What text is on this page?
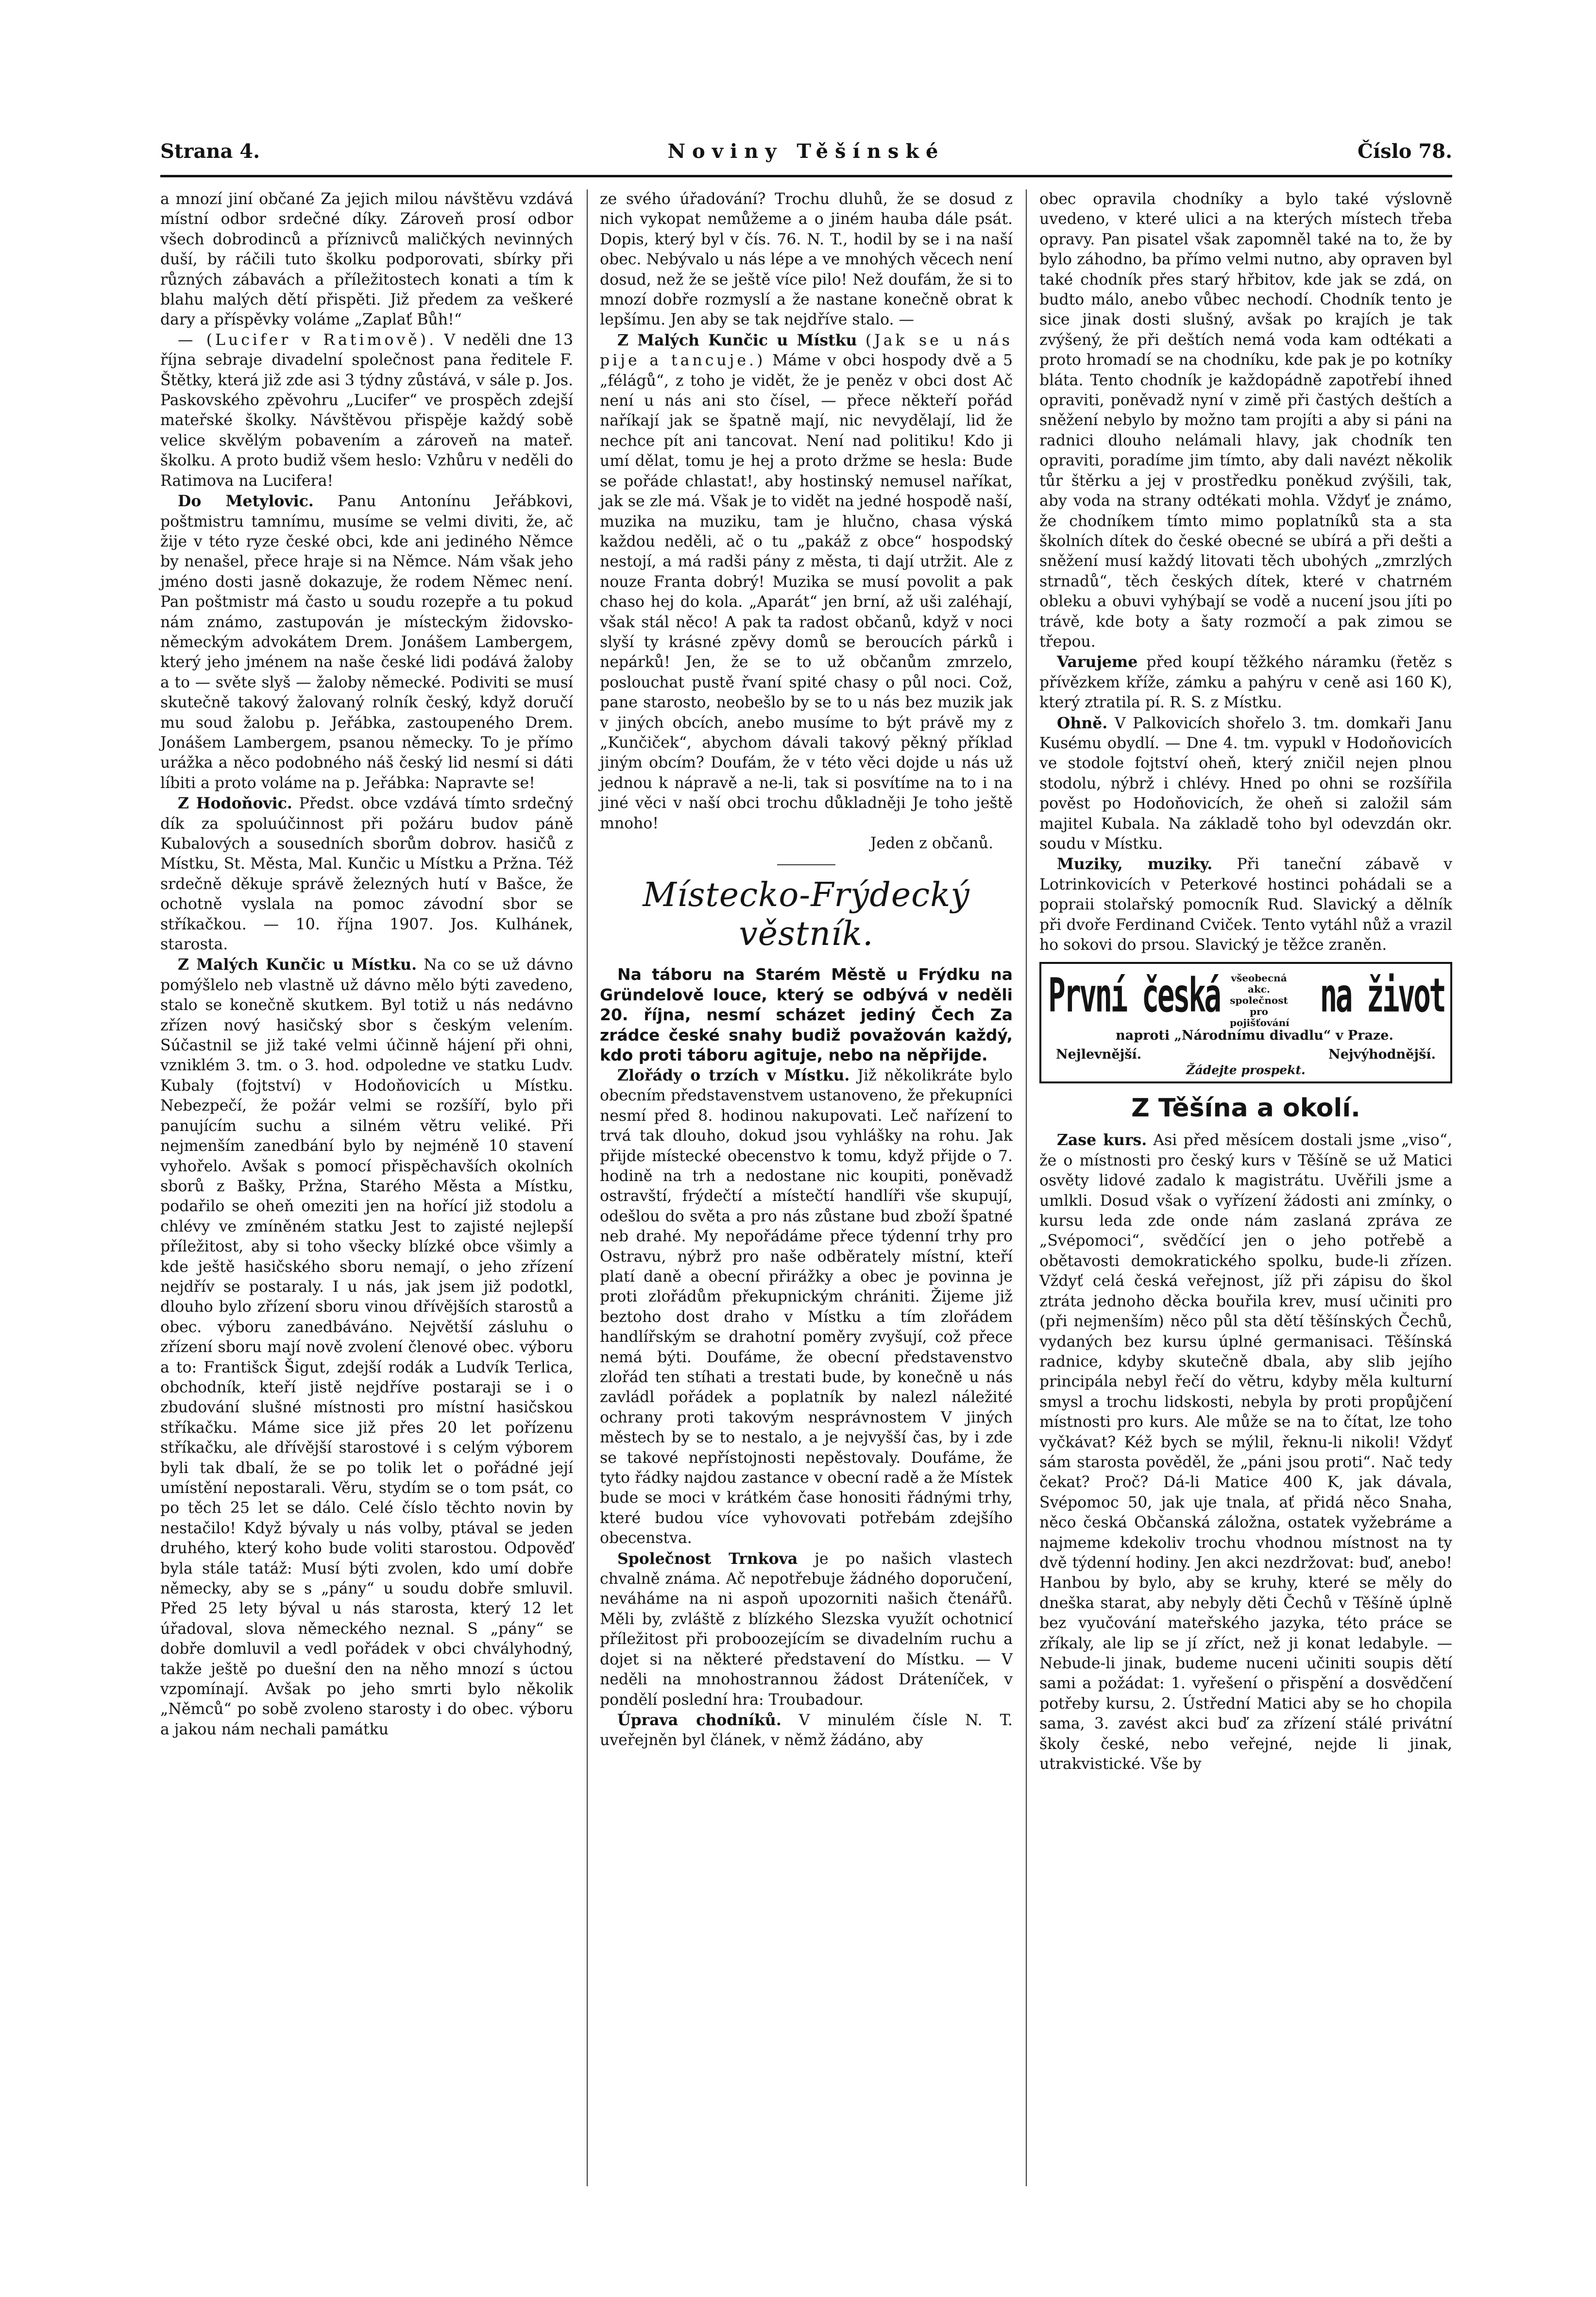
Strana 4.	Noviny Těšínské	Číslo 78.

a mnozí jiní občané Za jejich milou návštěvu vzdává místní odbor srdečné díky. Zároveň prosí odbor všech dobrodinců a příznivců maličkých nevinných duší, by ráčili tuto školku podporovati, sbírky při různých zábavách a příležitostech konati a tím k blahu malých dětí přispěti. Již předem za veškeré dary a příspěvky voláme „Zaplať Bůh!“

— (Lucifer v Ratimově). V neděli dne 13 října sebraje divadelní společnost pana ředitele F. Štětky, která již zde asi 3 týdny zůstává, v sále p. Jos. Paskovského zpěvohru „Lucifer“ ve prospěch zdejší mateřské školky. Návštěvou přispěje každý sobě velice skvělým pobavením a zároveň na mateř. školku. A proto budiž všem heslo: Vzhůru v neděli do Ratimova na Lucifera!

Do Metylovic. Panu Antonínu Jeřábkovi, poštmistru tamnímu, musíme se velmi diviti, že, ač žije v této ryze české obci, kde ani jediného Němce by nenašel, přece hraje si na Němce. Nám však jeho jméno dosti jasně dokazuje, že rodem Němec není. Pan poštmistr má často u soudu rozepře a tu pokud nám známo, zastupován je místeckým židovsko-německým advokátem Drem. Jonášem Lambergem, který jeho jménem na naše české lidi podává žaloby a to — světe slyš — žaloby německé. Podiviti se musí skutečně takový žalovaný rolník český, když doručí mu soud žalobu p. Jeřábka, zastoupeného Drem. Jonášem Lambergem, psanou německy. To je přímo urážka a něco podobného náš český lid nesmí si dáti líbiti a proto voláme na p. Jeřábka: Napravte se!

Z Hodoňovic. Předst. obce vzdává tímto srdečný dík za spoluúčinnost při požáru budov páně Kubalových a sousedních sborům dobrov. hasičů z Místku, St. Města, Mal. Kunčic u Místku a Pržna. Též srdečně děkuje správě železných hutí v Bašce, že ochotně vyslala na pomoc závodní sbor se stříkačkou. — 10. října 1907. Jos. Kulhánek, starosta.

Z Malých Kunčic u Místku. Na co se už dávno pomýšlelo neb vlastně už dávno mělo býti zavedeno, stalo se konečně skutkem. Byl totiž u nás nedávno zřízen nový hasičský sbor s českým velením. Súčastnil se již také velmi účinně hájení při ohni, vzniklém 3. tm. o 3. hod. odpoledne ve statku Ludv. Kubaly (fojtství) v Hodoňovicích u Místku. Nebezpečí, že požár velmi se rozšíří, bylo při panujícím suchu a silném větru veliké. Při nejmenším zanedbání bylo by nejméně 10 stavení vyhořelo. Avšak s pomocí přispěchavších okolních sborů z Bašky, Pržna, Starého Města a Místku, podařilo se oheň omeziti jen na hořící již stodolu a chlévy ve zmíněném statku Jest to zajisté nejlepší příležitost, aby si toho všecky blízké obce všimly a kde ještě hasičského sboru nemají, o jeho zřízení nejdřív se postaraly. I u nás, jak jsem již podotkl, dlouho bylo zřízení sboru vinou dřívějších starostů a obec. výboru zanedbáváno. Největší zásluhu o zřízení sboru mají nově zvolení členové obec. výboru a to: Františck Šigut, zdejší rodák a Ludvík Terlica, obchodník, kteří jistě nejdříve postaraji se i o zbudování slušné místnosti pro místní hasičskou stříkačku. Máme sice již přes 20 let pořízenu stříkačku, ale dřívější starostové i s celým výborem byli tak dbalí, že se po tolik let o pořádné její umístění nepostarali. Věru, stydím se o tom psát, co po těch 25 let se dálo. Celé číslo těchto novin by nestačilo! Když bývaly u nás volby, ptával se jeden druhého, který koho bude voliti starostou. Odpověď byla stále tatáž: Musí býti zvolen, kdo umí dobře německy, aby se s „pány“ u soudu dobře smluvil. Před 25 lety býval u nás starosta, který 12 let úřadoval, slova německého neznal. S „pány“ se dobře domluvil a vedl pořádek v obci chvályhodný, takže ještě po duešní den na něho mnozí s úctou vzpomínají. Avšak po jeho smrti bylo několik „Němců“ po sobě zvoleno starosty i do obec. výboru a jakou nám nechali památku

ze svého úřadování? Trochu dluhů, že se dosud z nich vykopat nemůžeme a o jiném hauba dále psát. Dopis, který byl v čís. 76. N. T., hodil by se i na naší obec. Nebývalo u nás lépe a ve mnohých věcech není dosud, než že se ještě více pilo! Než doufám, že si to mnozí dobře rozmyslí a že nastane konečně obrat k lepšímu. Jen aby se tak nejdříve stalo. —

Z Malých Kunčic u Místku (Jak se u nás pije a tancuje.) Máme v obci hospody dvě a 5 „félágů“, z toho je vidět, že je peněz v obci dost Ač není u nás ani sto čísel, — přece někteří pořád naříkají jak se špatně mají, nic nevydělají, lid že nechce pít ani tancovat. Není nad politiku! Kdo ji umí dělat, tomu je hej a proto držme se hesla: Bude se pořáde chlastat!, aby hostinský nemusel naříkat, jak se zle má. Však je to vidět na jedné hospodě naší, muzika na muziku, tam je hlučno, chasa výská každou neděli, ač o tu „pakáž z obce“ hospodský nestojí, a má radši pány z města, ti dají utržit. Ale z nouze Franta dobrý! Muzika se musí povolit a pak chaso hej do kola. „Aparát“ jen brní, až uši zaléhají, však stál něco! A pak ta radost občanů, když v noci slyší ty krásné zpěvy domů se beroucích párků i nepárků! Jen, že se to už občanům zmrzelo, poslouchat pustě řvaní spité chasy o půl noci. Což, pane starosto, neobešlo by se to u nás bez muzik jak v jiných obcích, anebo musíme to být právě my z „Kunčiček“, abychom dávali takový pěkný příklad jiným obcím? Doufám, že v této věci dojde u nás už jednou k nápravě a ne-li, tak si posvítíme na to i na jiné věci v naší obci trochu důkladněji Je toho ještě mnoho!

Jeden z občanů.

Místecko-Frýdecký věstník.

Na táboru na Starém Městě u Frýdku na Gründelově louce, který se odbývá v neděli 20. října, nesmí scházet jediný Čech Za zrádce české snahy budiž považován každý, kdo proti táboru agituje, nebo na něpřijde.

Zlořády o trzích v Místku. Již několikráte bylo obecním představenstvem ustanoveno, že překupníci nesmí před 8. hodinou nakupovati. Leč nařízení to trvá tak dlouho, dokud jsou vyhlášky na rohu. Jak přijde místecké obecenstvo k tomu, když přijde o 7. hodině na trh a nedostane nic koupiti, poněvadž ostravští, frýdečtí a místečtí handlíři vše skupují, odešlou do světa a pro nás zůstane bud zboží špatné neb drahé. My nepořádáme přece týdenní trhy pro Ostravu, nýbrž pro naše odběrately místní, kteří platí daně a obecní přirážky a obec je povinna je proti zlořádům překupnickým chrániti. Žijeme již beztoho dost draho v Místku a tím zlořádem handlířským se drahotní poměry zvyšují, což přece nemá býti. Doufáme, že obecní představenstvo zlořád ten stíhati a trestati bude, by konečně u nás zavládl pořádek a poplatník by nalezl náležité ochrany proti takovým nesprávnostem V jiných městech by se to nestalo, a je nejvyšší čas, by i zde se takové nepřístojnosti nepěstovaly. Doufáme, že tyto řádky najdou zastance v obecní radě a že Místek bude se moci v krátkém čase honositi řádnými trhy, které budou více vyhovovati potřebám zdejšího obecenstva.

Společnost Trnkova je po našich vlastech chvalně známa. Ač nepotřebuje žádného doporučení, neváháme na ni aspoň upozorniti našich čtenářů. Měli by, zvláště z blízkého Slezska využít ochotnicí příležitost při proboozejícím se divadelním ruchu a dojet si na některé představení do Místku. — V neděli na mnohostrannou žádost Dráteníček, v pondělí poslední hra: Troubadour.

Úprava chodníků. V minulém čísle N. T. uveřejněn byl článek, v němž žádáno, aby

obec opravila chodníky a bylo také výslovně uvedeno, v které ulici a na kterých místech třeba opravy. Pan pisatel však zapomněl také na to, že by bylo záhodno, ba přímo velmi nutno, aby opraven byl také chodník přes starý hřbitov, kde jak se zdá, on budto málo, anebo vůbec nechodí. Chodník tento je sice jinak dosti slušný, avšak po krajích je tak zvýšený, že při deštích nemá voda kam odtékati a proto hromadí se na chodníku, kde pak je po kotníky bláta. Tento chodník je každopádně zapotřebí ihned opraviti, poněvadž nyní v zimě při častých deštích a sněžení nebylo by možno tam projíti a aby si páni na radnici dlouho nelámali hlavy, jak chodník ten opraviti, poradíme jim tímto, aby dali navézt několik tůr štěrku a jej v prostředku poněkud zvýšili, tak, aby voda na strany odtékati mohla. Vždyť je známo, že chodníkem tímto mimo poplatníků sta a sta školních dítek do české obecné se ubírá a při dešti a sněžení musí každý litovati těch ubohých „zmrzlých strnadů“, těch českých dítek, které v chatrném obleku a obuvi vyhýbají se vodě a nucení jsou jíti po trávě, kde boty a šaty rozmočí a pak zimou se třepou.

Varujeme před koupí těžkého náramku (řetěz s přívězkem kříže, zámku a pahýru v ceně asi 160 K), který ztratila pí. R. S. z Místku.

Ohně. V Palkovicích shořelo 3. tm. domkaři Janu Kusému obydlí. — Dne 4. tm. vypukl v Hodoňovicích ve stodole fojtství oheň, který zničil nejen plnou stodolu, nýbrž i chlévy. Hned po ohni se rozšířila pověst po Hodoňovicích, že oheň si založil sám majitel Kubala. Na základě toho byl odevzdán okr. soudu v Místku.

Muziky, muziky. Při taneční zábavě v Lotrinkovicích v Peterkové hostinci pohádali se a popraii stolařský pomocník Rud. Slavický a dělník při dvoře Ferdinand Cviček. Tento vytáhl nůž a vrazil ho sokovi do prsou. Slavický je těžce zraněn.

První česká všeobecná akc. společnost pro pojišťování na život

naproti „Národnímu divadlu“ v Praze.

Nejlevnější.	Nejvýhodnější.
Žádejte prospekt.
Z Těšína a okolí.

Zase kurs. Asi před měsícem dostali jsme „viso“, že o místnosti pro český kurs v Těšíně se už Matici osvěty lidové zadalo k magistrátu. Uvěřili jsme a umlkli. Dosud však o vyřízení žádosti ani zmínky, o kursu leda zde onde nám zaslaná zpráva ze „Svépomoci“, svědčící jen o jeho potřebě a obětavosti demokratického spolku, bude-li zřízen. Vždyť celá česká veřejnost, jíž při zápisu do škol ztráta jednoho děcka bouřila krev, musí učiniti pro (při nejmenším) něco půl sta dětí těšínských Čechů, vydaných bez kursu úplné germanisaci. Těšínská radnice, kdyby skutečně dbala, aby slib jejího principála nebyl řečí do větru, kdyby měla kulturní smysl a trochu lidskosti, nebyla by proti propůjčení místnosti pro kurs. Ale může se na to čítat, lze toho vyčkávat? Kéž bych se mýlil, řeknu-li nikoli! Vždyť sám starosta pověděl, že „páni jsou proti“. Nač tedy čekat? Proč? Dá-li Matice 400 K, jak dávala, Svépomoc 50, jak uje tnala, ať přidá něco Snaha, něco česká Občanská záložna, ostatek vyžebráme a najmeme kdekoliv trochu vhodnou místnost na ty dvě týdenní hodiny. Jen akci nezdržovat: buď, anebo! Hanbou by bylo, aby se kruhy, které se měly do dneška starat, aby nebyly děti Čechů v Těšíně úplně bez vyučování mateřského jazyka, této práce se zříkaly, ale lip se jí zříct, než ji konat ledabyle. — Nebude-li jinak, budeme nuceni učiniti soupis dětí sami a požádat: 1. vyřešení o přispění a dosvědčení potřeby kursu, 2. Ústřední Matici aby se ho chopila sama, 3. zavést akci buď za zřízení stálé privátní školy české, nebo veřejné, nejde li jinak, utrakvistické. Vše by
